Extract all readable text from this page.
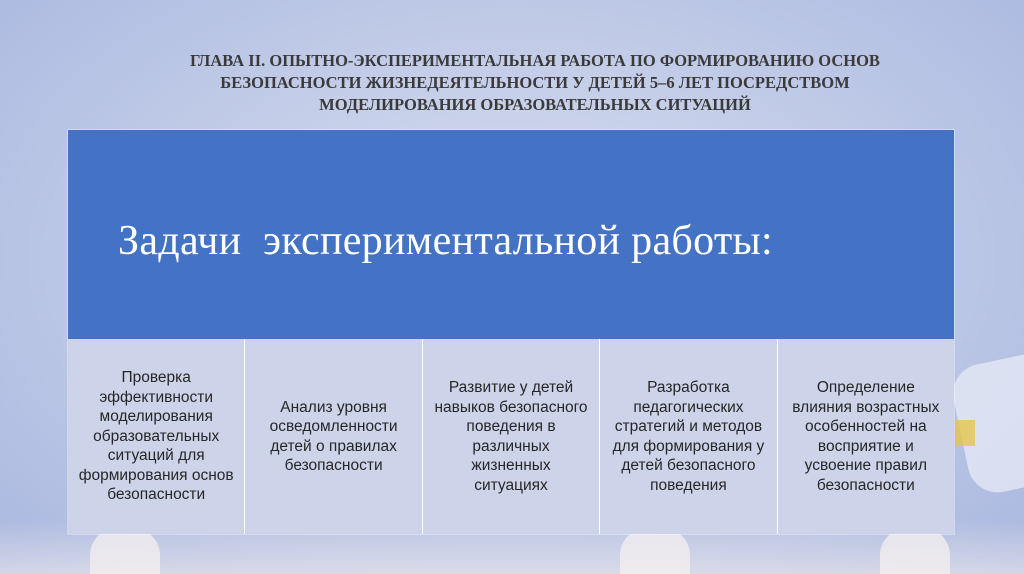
ГЛАВА II. ОПЫТНО-ЭКСПЕРИМЕНТАЛЬНАЯ РАБОТА ПО ФОРМИРОВАНИЮ ОСНОВ
БЕЗОПАСНОСТИ ЖИЗНЕДЕЯТЕЛЬНОСТИ У ДЕТЕЙ 5–6 ЛЕТ ПОСРЕДСТВОМ
МОДЕЛИРОВАНИЯ ОБРАЗОВАТЕЛЬНЫХ СИТУАЦИЙ
Задачи  экспериментальной работы:

Проверка эффективности моделирования образовательных ситуаций для формирования основ безопасности

Анализ уровня осведомленности детей о правилах безопасности

Развитие у детей навыков безопасного поведения в различных жизненных ситуациях

Разработка педагогических стратегий и методов для формирования у детей безопасного поведения

Определение влияния возрастных особенностей на восприятие и усвоение правил безопасности
